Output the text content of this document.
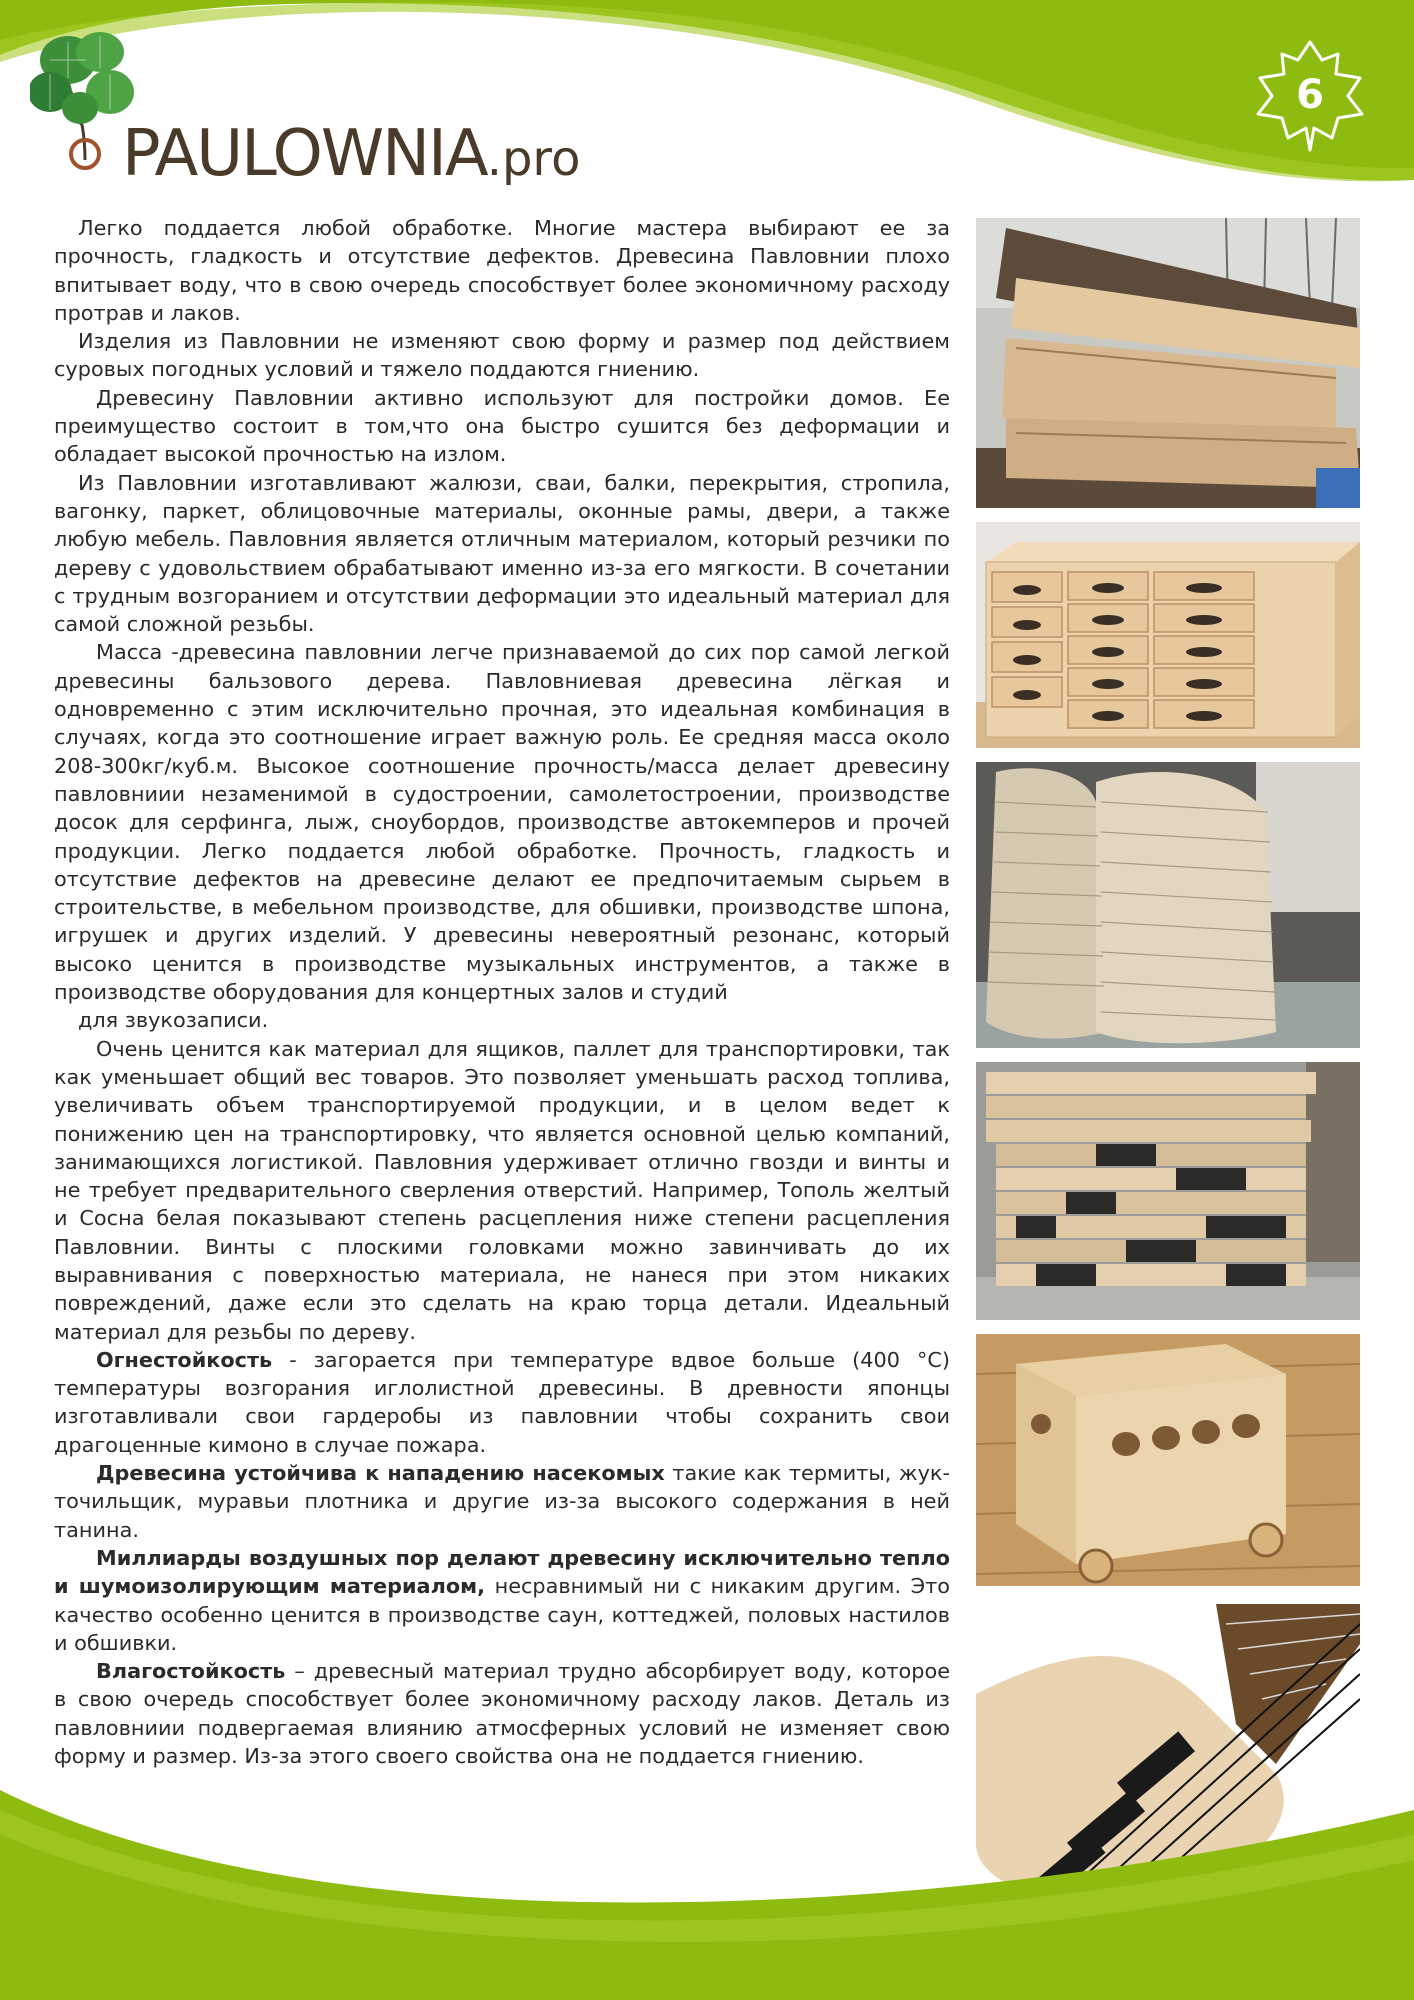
PAULOWNIA.pro
6

Легко поддается любой обработке. Многие мастера выбирают ее за прочность, гладкость и отсутствие дефектов. Древесина Павловнии плохо впитывает воду, что в свою очередь способствует более экономичному расходу протрав и лаков.

Изделия из Павловнии не изменяют свою форму и размер под действием суровых погодных условий и тяжело поддаются гниению.

Древесину Павловнии активно используют для постройки домов. Ее преимущество состоит в том,что она быстро сушится без деформации и обладает высокой прочностью на излом.

Из Павловнии изготавливают жалюзи, сваи, балки, перекрытия, стропила, вагонку, паркет, облицовочные материалы, оконные рамы, двери, а также любую мебель. Павловния является отличным материалом, который резчики по дереву с удовольствием обрабатывают именно из-за его мягкости. В сочетании с трудным возгоранием и отсутствии деформации это идеальный материал для самой сложной резьбы.

Масса -древесина павловнии легче признаваемой до сих пор самой легкой древесины бальзового дерева. Павловниевая древесина лёгкая и одновременно с этим исключительно прочная, это идеальная комбинация в случаях, когда это соотношение играет важную роль. Ее средняя масса около 208-300кг/куб.м. Высокое соотношение прочность/масса делает древесину павловниии незаменимой в судостроении, самолетостроении, производстве досок для серфинга, лыж, сноубордов, производстве автокемперов и прочей продукции. Легко поддается любой обработке. Прочность, гладкость и отсутствие дефектов на древесине делают ее предпочитаемым сырьем в строительстве, в мебельном производстве, для обшивки, производстве шпона, игрушек и других изделий. У древесины невероятный резонанс, который высоко ценится в производстве музыкальных инструментов, а также в производстве оборудования для концертных залов и студий

для звукозаписи.

Очень ценится как материал для ящиков, паллет для транспортировки, так как уменьшает общий вес товаров. Это позволяет уменьшать расход топлива, увеличивать объем транспортируемой продукции, и в целом ведет к понижению цен на транспортировку, что является основной целью компаний, занимающихся логистикой. Павловния удерживает отлично гвозди и винты и не требует предварительного сверления отверстий. Например, Тополь желтый и Сосна белая показывают степень расцепления ниже степени расцепления Павловнии. Винты с плоскими головками можно завинчивать до их выравнивания с поверхностью материала, не нанеся при этом никаких повреждений, даже если это сделать на краю торца детали. Идеальный материал для резьбы по дереву.

Огнестойкость - загорается при температуре вдвое больше (400 °C) температуры возгорания иглолистной древесины. В древности японцы изготавливали свои гардеробы из павловнии чтобы сохранить свои драгоценные кимоно в случае пожара.

Древесина устойчива к нападению насекомых такие как термиты, жук- точильщик, муравьи плотника и другие из-за высокого содержания в ней танина.

Миллиарды воздушных пор делают древесину исключительно тепло и шумоизолирующим материалом, несравнимый ни с никаким другим. Это качество особенно ценится в производстве саун, коттеджей, половых настилов и обшивки.

Влагостойкость – древесный материал трудно абсорбирует воду, которое в свою очередь способствует более экономичному расходу лаков. Деталь из павловниии подвергаемая влиянию атмосферных условий не изменяет свою форму и размер. Из-за этого своего свойства она не поддается гниению.
